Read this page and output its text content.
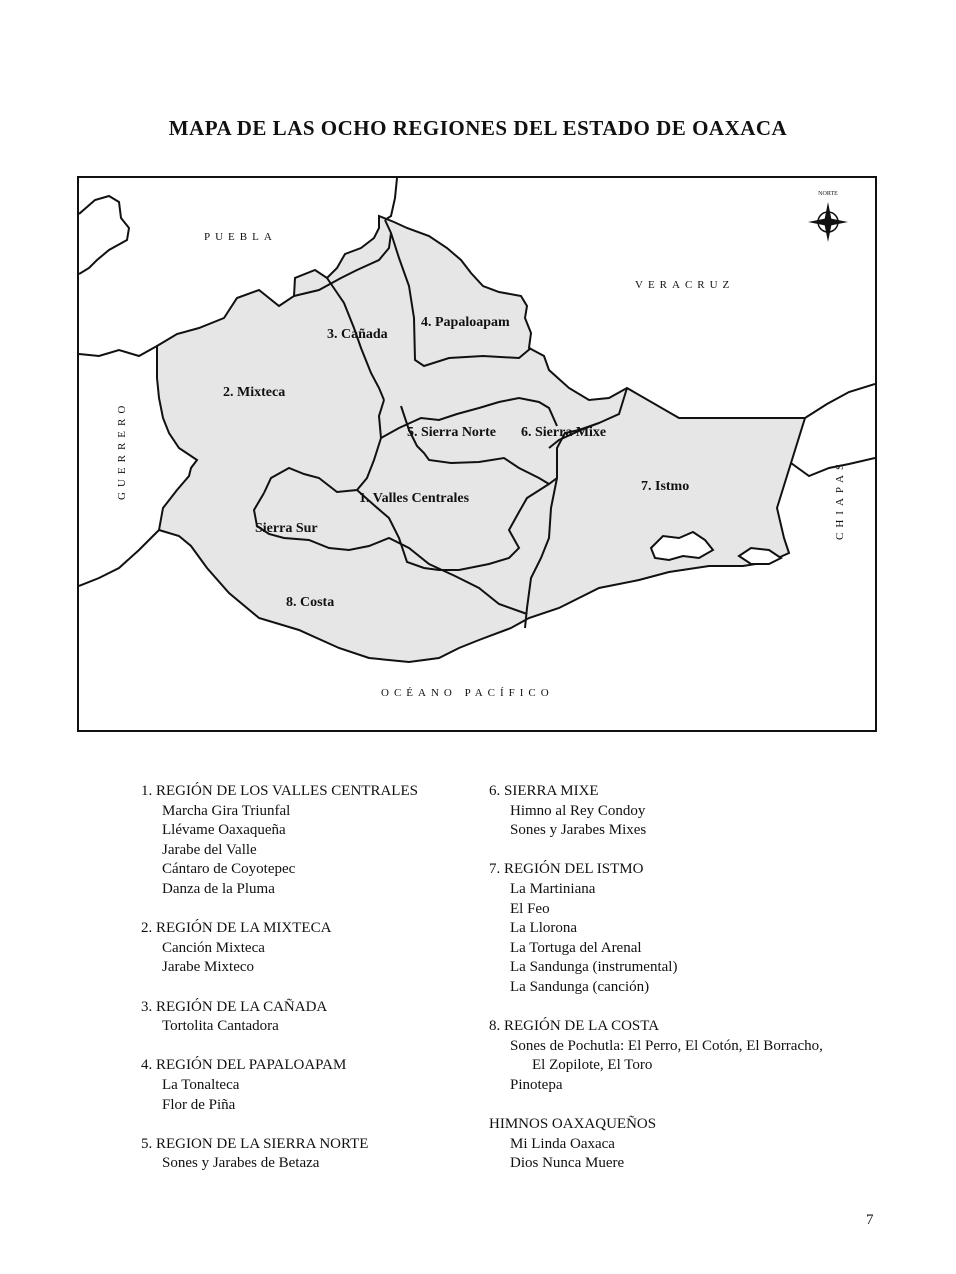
MAPA DE LAS OCHO REGIONES DEL ESTADO DE OAXACA
NORTE
PUEBLA
VERACRUZ
OCÉANO PACÍFICO
GUERRERO	CHIAPAS
3. Cañada
4. Papaloapam
2. Mixteca
5. Sierra Norte 6. Sierra Mixe
7. Istmo
1. Valles Centrales
Sierra Sur
8. Costa
1. REGIÓN DE LOS VALLES CENTRALES
Marcha Gira Triunfal
Llévame Oaxaqueña
Jarabe del Valle
Cántaro de Coyotepec
Danza de la Pluma
2. REGIÓN DE LA MIXTECA
Canción Mixteca
Jarabe Mixteco
3. REGIÓN DE LA CAÑADA
Tortolita Cantadora
4. REGIÓN DEL PAPALOAPAM
La Tonalteca
Flor de Piña
5. REGION DE LA SIERRA NORTE
Sones y Jarabes de Betaza
6. SIERRA MIXE
Himno al Rey Condoy
Sones y Jarabes Mixes
7. REGIÓN DEL ISTMO
La Martiniana
El Feo
La Llorona
La Tortuga del Arenal
La Sandunga (instrumental)
La Sandunga (canción)
8. REGIÓN DE LA COSTA
Sones de Pochutla: El Perro, El Cotón, El Borracho,
El Zopilote, El Toro
Pinotepa
HIMNOS OAXAQUEÑOS
Mi Linda Oaxaca
Dios Nunca Muere
7
